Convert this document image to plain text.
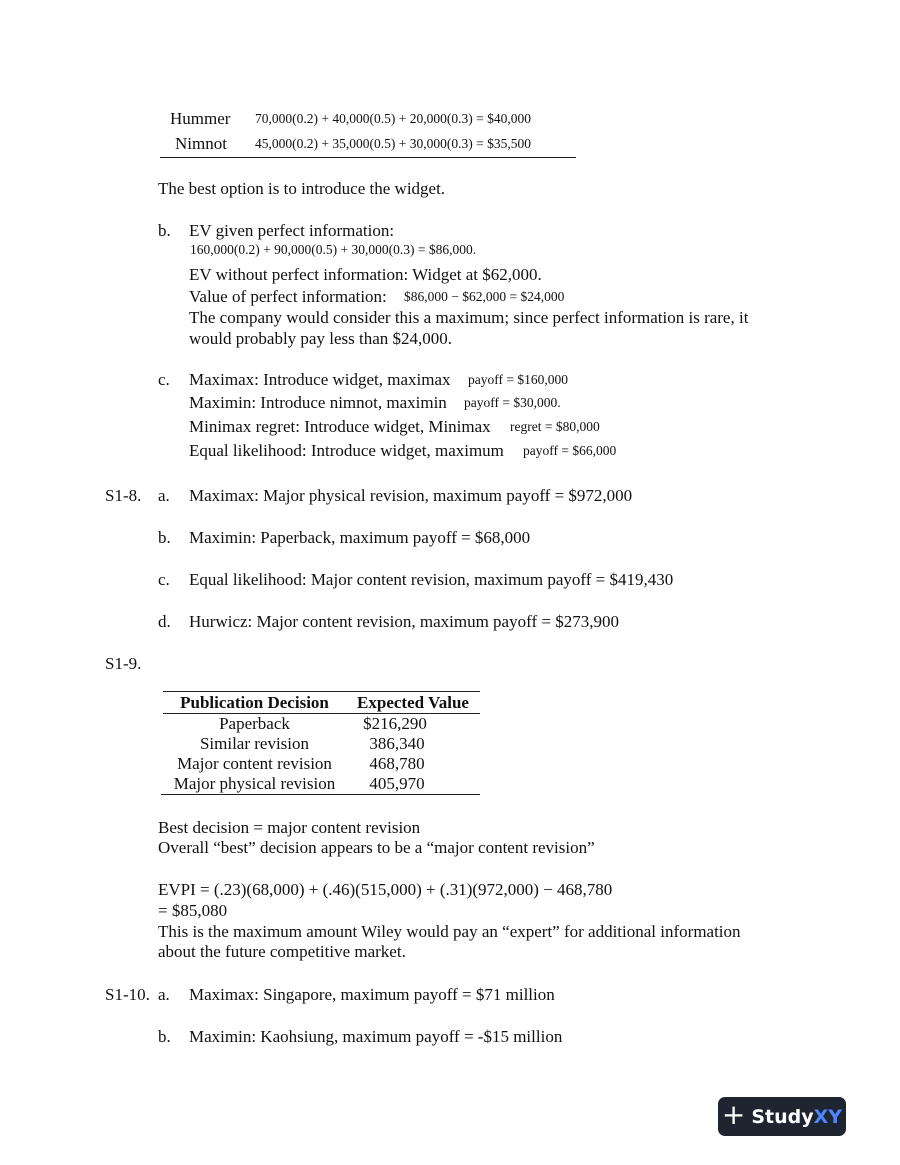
Hummer 70,000(0.2) + 40,000(0.5) + 20,000(0.3) = $40,000
Nimnot 45,000(0.2) + 35,000(0.5) + 30,000(0.3) = $35,500
The best option is to introduce the widget.
b. EV given perfect information:
160,000(0.2) + 90,000(0.5) + 30,000(0.3) = $86,000.
EV without perfect information: Widget at $62,000.
Value of perfect information: $86,000 − $62,000 = $24,000
The company would consider this a maximum; since perfect information is rare, it
would probably pay less than $24,000.
c. Maximax: Introduce widget, maximax payoff = $160,000
Maximin: Introduce nimnot, maximin payoff = $30,000.
Minimax regret: Introduce widget, Minimax regret = $80,000
Equal likelihood: Introduce widget, maximum payoff = $66,000
S1-8. a. Maximax: Major physical revision, maximum payoff = $972,000
b. Maximin: Paperback, maximum payoff = $68,000
c. Equal likelihood: Major content revision, maximum payoff = $419,430
d. Hurwicz: Major content revision, maximum payoff = $273,900
S1-9.
Publication Decision	Expected Value
Paperback	$216,290
Similar revision	386,340
Major content revision	468,780
Major physical revision	405,970
Best decision = major content revision
Overall “best” decision appears to be a “major content revision”
EVPI = (.23)(68,000) + (.46)(515,000) + (.31)(972,000) − 468,780
= $85,080
This is the maximum amount Wiley would pay an “expert” for additional information
about the future competitive market.
S1-10. a. Maximax: Singapore, maximum payoff = $71 million
b. Maximin: Kaohsiung, maximum payoff = -$15 million
+ StudyXY
